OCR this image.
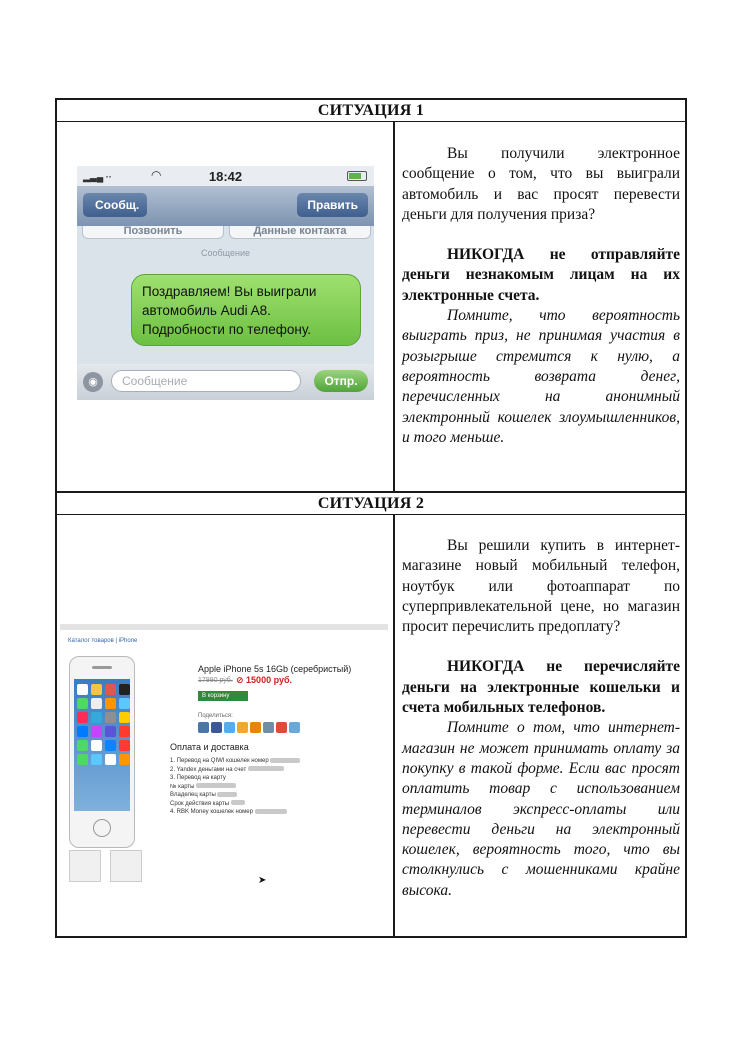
СИТУАЦИЯ 1
▂▃▄ ··	◠	18:42
Сообщ.	Править
Позвонить	Данные контакта
Сообщение
Поздравляем! Вы выиграли автомобиль Audi A8. Подробности по телефону.
◉	Сообщение	Отпр.

Вы получили электронное сообщение о том, что вы выиграли автомобиль и вас просят перевести деньги для получения приза?

НИКОГДА не отправляйте деньги незнакомым лицам на их электронные счета.

Помните, что вероятность выиграть приз, не принимая участия в розыгрыше стремится к нулю, а вероятность возврата денег, перечисленных на анонимный электронный кошелек злоумышленников, и того меньше.

СИТУАЦИЯ 2
Каталог товаров | iPhone
Apple iPhone 5s 16Gb (серебристый)
17990 руб. ⊘ 15000 руб.
В корзину
Поделиться:
Оплата и доставка
1. Перевод на QIWI кошелек номер
2. Yandex деньгами на счет
3. Перевод на карту
№ карты
Владелец карты
Срок действия карты
4. RBK Money кошелек номер
➤

Вы решили купить в интернет-магазине новый мобильный телефон, ноутбук или фотоаппарат по суперпривлекательной цене, но магазин просит перечислить предоплату?

НИКОГДА не перечисляйте деньги на электронные кошельки и счета мобильных телефонов.

Помните о том, что интернет-магазин не может принимать оплату за покупку в такой форме. Если вас просят оплатить товар с использованием терминалов экспресс-оплаты или перевести деньги на электронный кошелек, вероятность того, что вы столкнулись с мошенниками крайне высока.
